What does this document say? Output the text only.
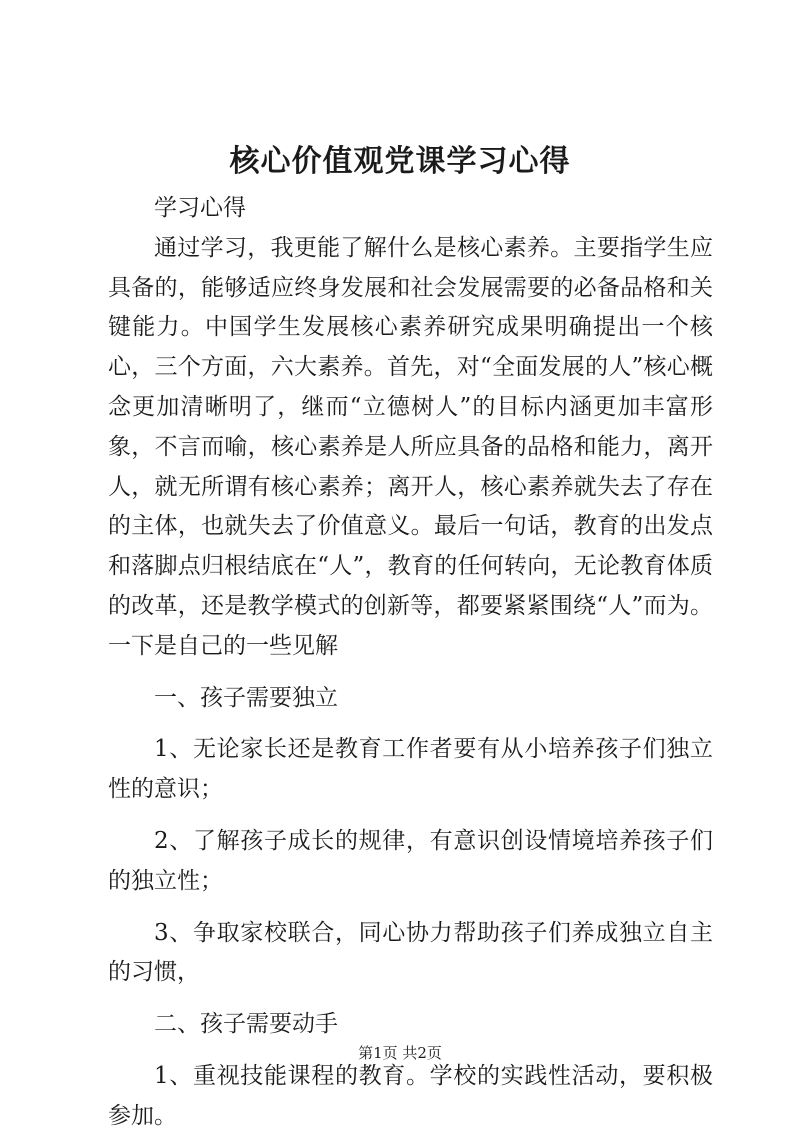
核心价值观党课学习心得

学习心得

通过学习，我更能了解什么是核心素养。主要指学生应具备的，能够适应终身发展和社会发展需要的必备品格和关键能力。中国学生发展核心素养研究成果明确提出一个核心，三个方面，六大素养。首先，对“全面发展的人”核心概念更加清晰明了，继而“立德树人”的目标内涵更加丰富形象，不言而喻，核心素养是人所应具备的品格和能力，离开人，就无所谓有核心素养；离开人，核心素养就失去了存在的主体，也就失去了价值意义。最后一句话，教育的出发点和落脚点归根结底在“人”，教育的任何转向，无论教育体质的改革，还是教学模式的创新等，都要紧紧围绕“人”而为。一下是自己的一些见解

一、孩子需要独立

1、无论家长还是教育工作者要有从小培养孩子们独立性的意识；

2、了解孩子成长的规律，有意识创设情境培养孩子们的独立性；

3、争取家校联合，同心协力帮助孩子们养成独立自主的习惯，

二、孩子需要动手

1、重视技能课程的教育。学校的实践性活动，要积极参加。

第1页 共2页
